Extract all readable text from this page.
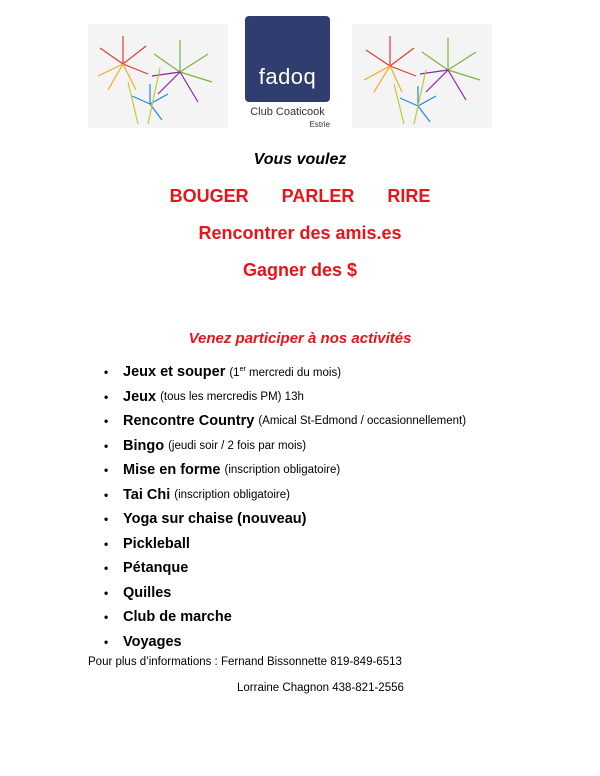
fadoq
Club Coaticook
Estrie
Vous voulez
BOUGER PARLER RIRE
Rencontrer des amis.es
Gagner des $
Venez participer à nos activités
•	Jeux et souper (1er mercredi du mois)
•	Jeux (tous les mercredis PM) 13h
•	Rencontre Country (Amical St-Edmond / occasionnellement)
•	Bingo (jeudi soir / 2 fois par mois)
•	Mise en forme (inscription obligatoire)
•	Tai Chi (inscription obligatoire)
•	Yoga sur chaise (nouveau)
•	Pickleball
•	Pétanque
•	Quilles
•	Club de marche
•	Voyages
Pour plus d’informations : Fernand Bissonnette 819-849-6513
Lorraine Chagnon 438-821-2556
